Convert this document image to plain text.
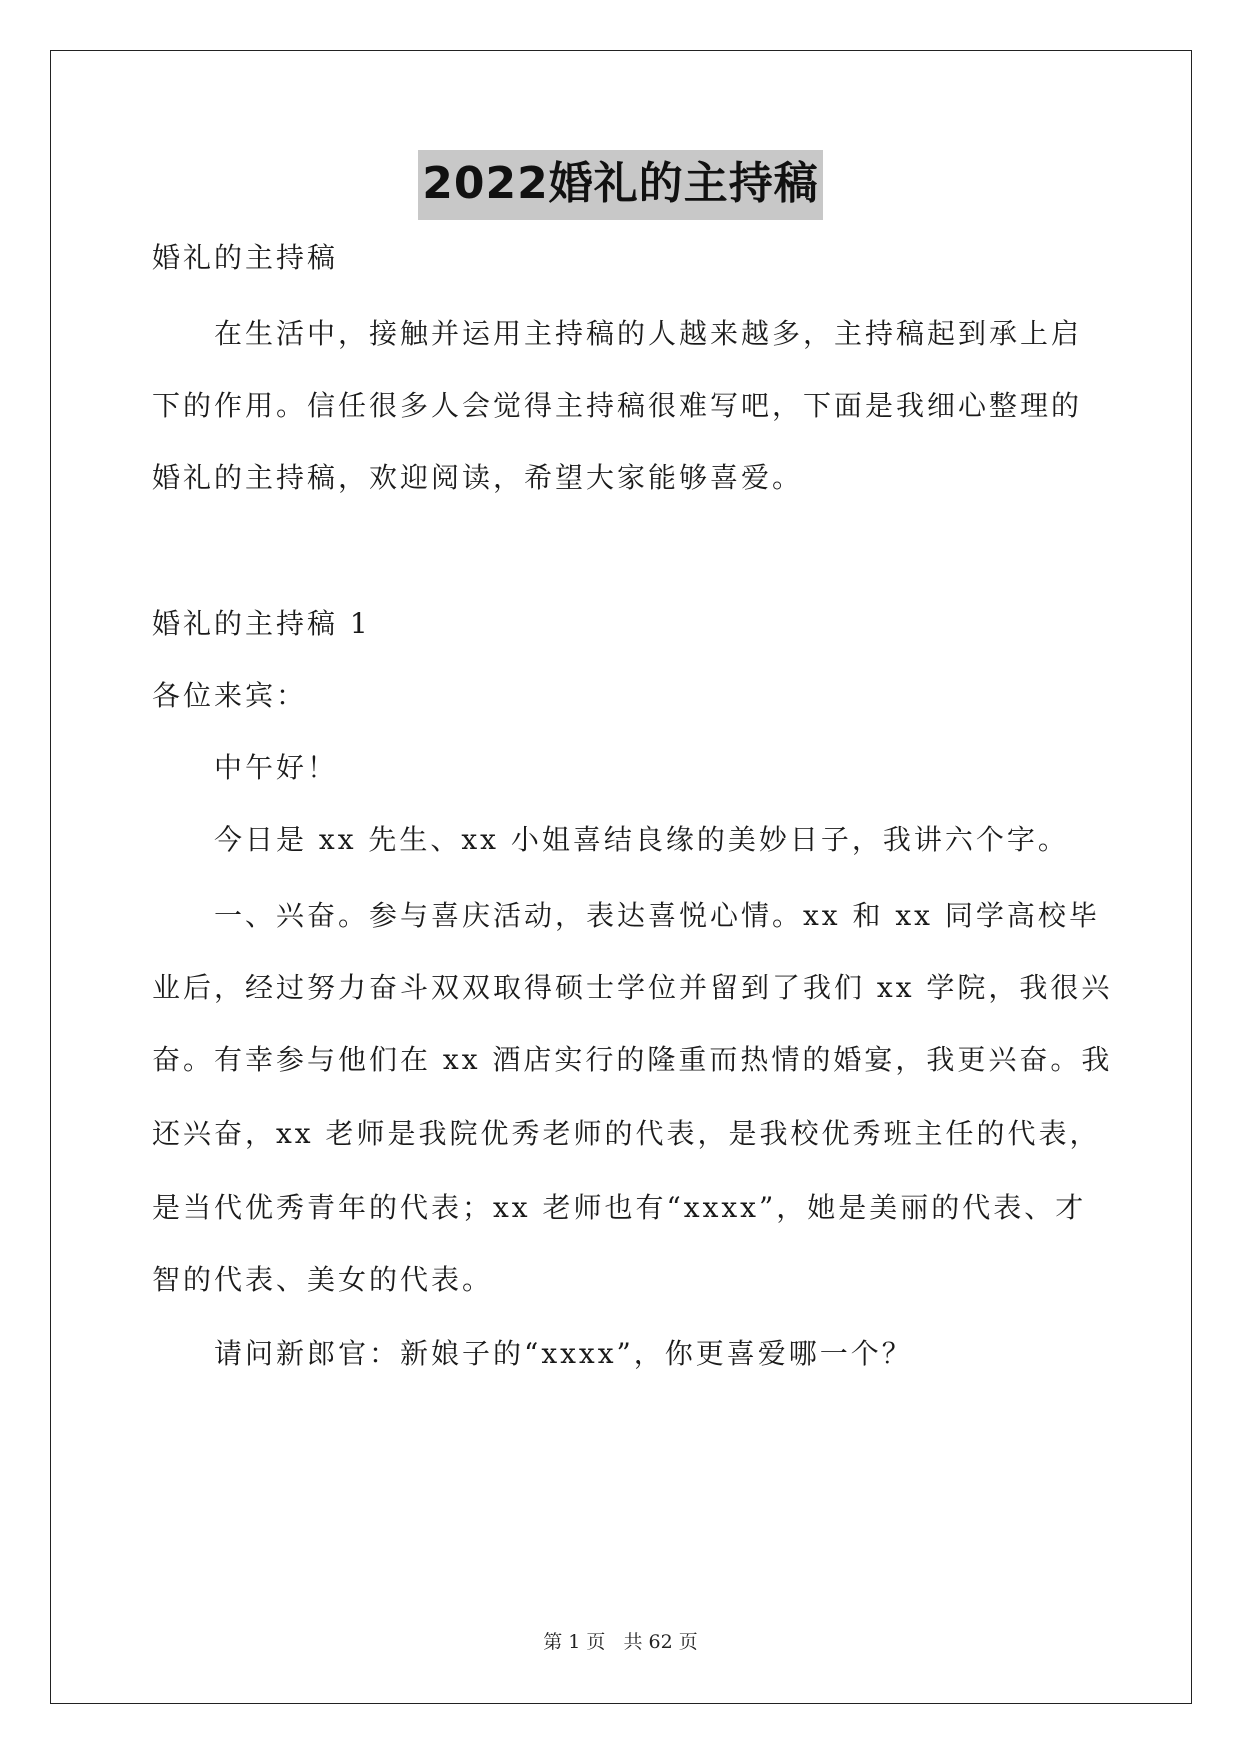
2022婚礼的主持稿
婚礼的主持稿
在生活中，接触并运用主持稿的人越来越多，主持稿起到承上启
下的作用。信任很多人会觉得主持稿很难写吧，下面是我细心整理的
婚礼的主持稿，欢迎阅读，希望大家能够喜爱。
婚礼的主持稿 1
各位来宾：
中午好！
今日是 xx 先生、xx 小姐喜结良缘的美妙日子，我讲六个字。
一、兴奋。参与喜庆活动，表达喜悦心情。xx 和 xx 同学高校毕
业后，经过努力奋斗双双取得硕士学位并留到了我们 xx 学院，我很兴
奋。有幸参与他们在 xx 酒店实行的隆重而热情的婚宴，我更兴奋。我
还兴奋，xx 老师是我院优秀老师的代表，是我校优秀班主任的代表，
是当代优秀青年的代表；xx 老师也有“xxxx”，她是美丽的代表、才
智的代表、美女的代表。
请问新郎官：新娘子的“xxxx”，你更喜爱哪一个？
第 1 页 共 62 页
